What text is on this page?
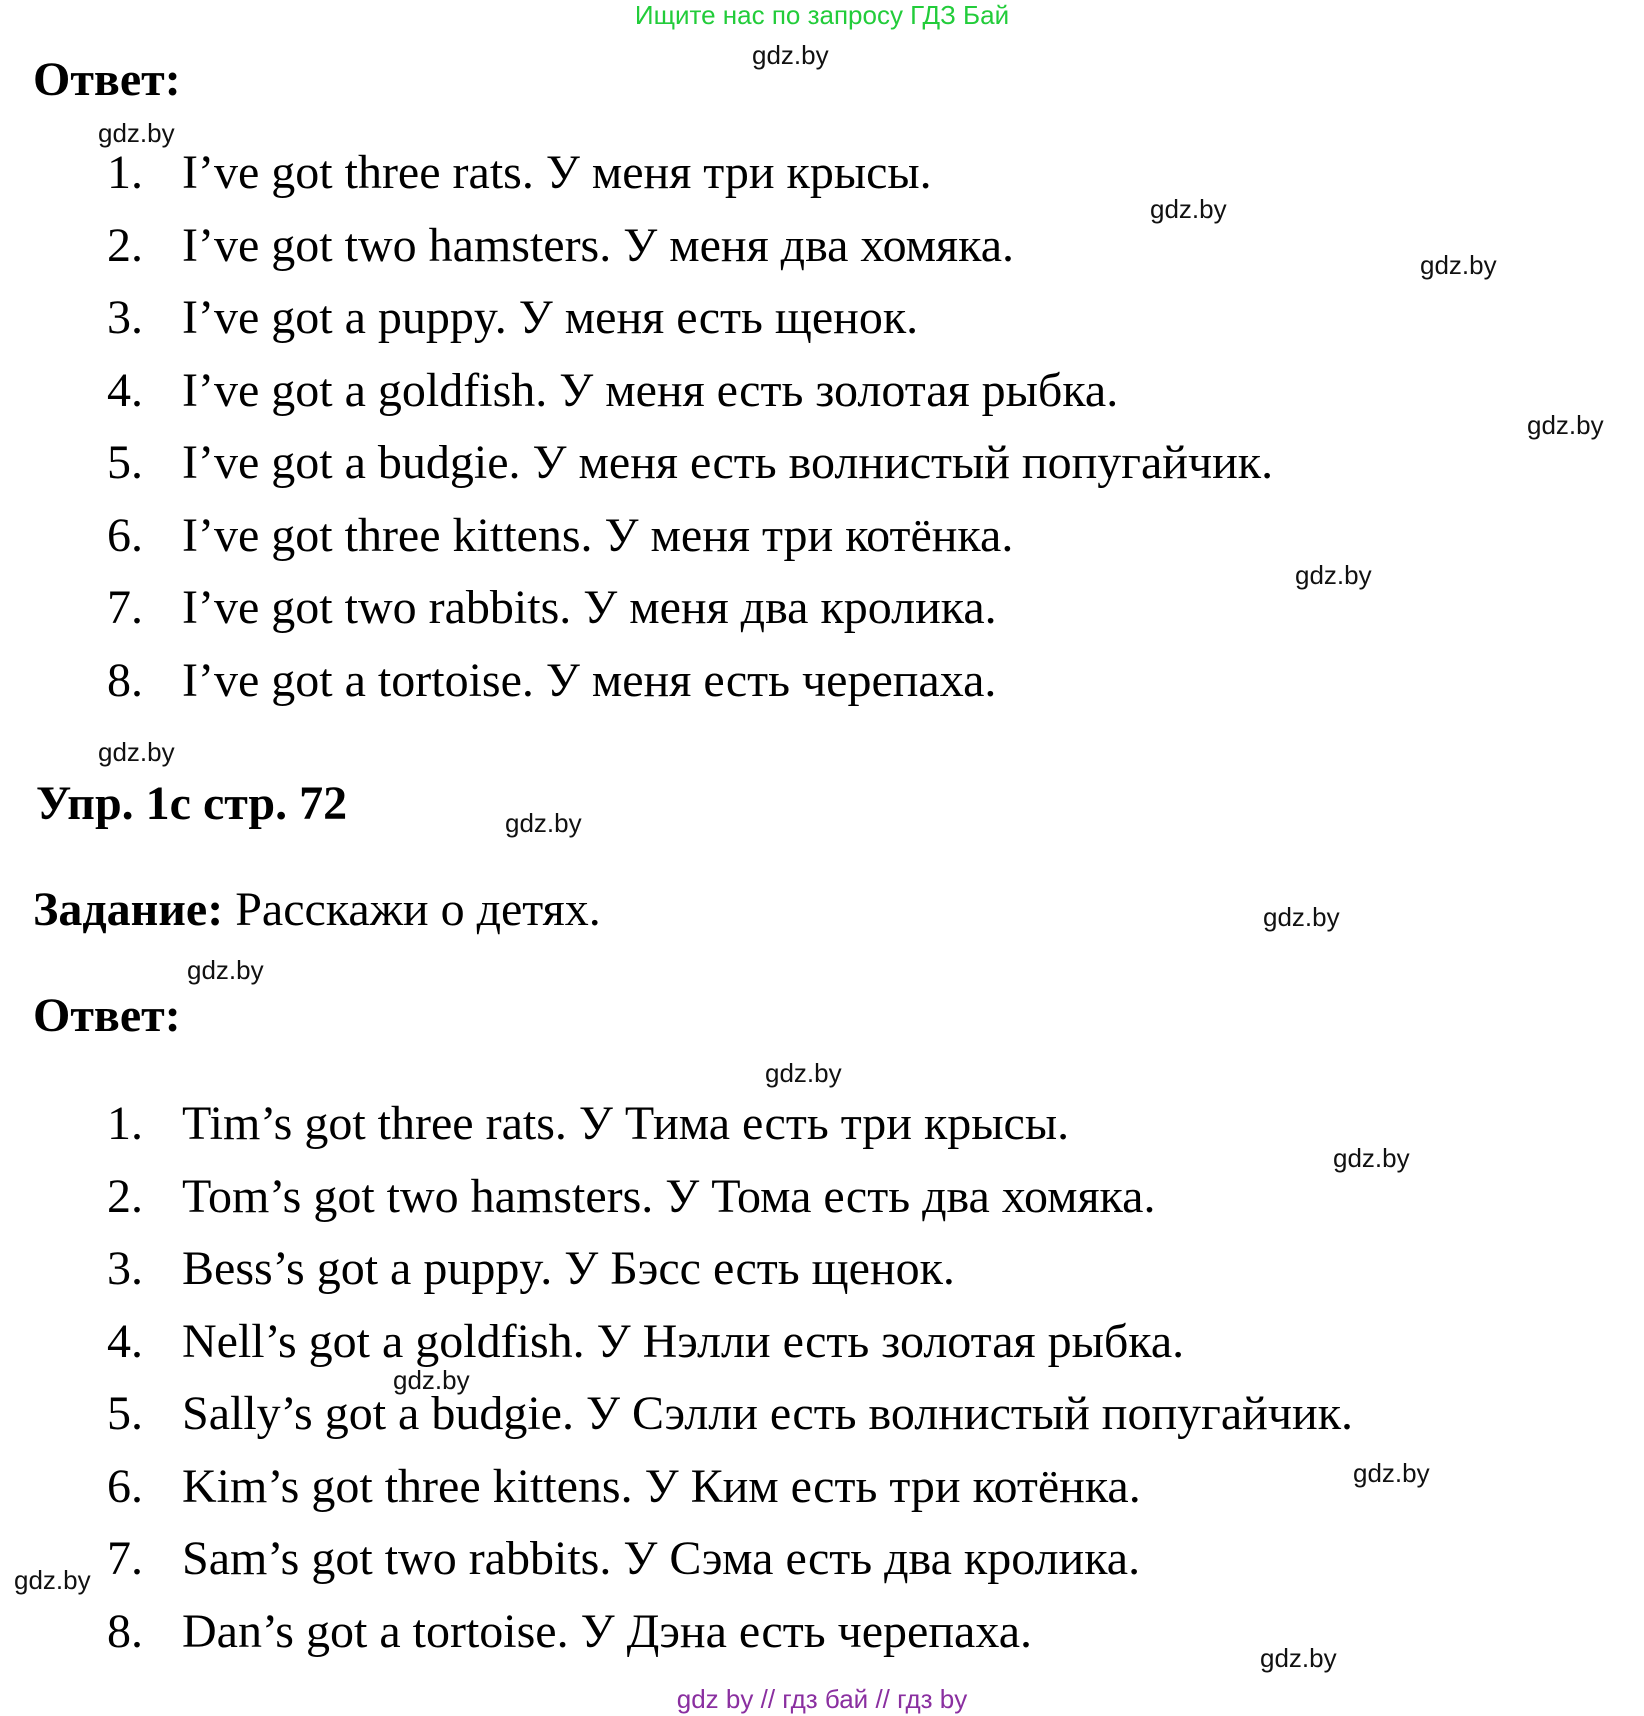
Ищите нас по запросу ГДЗ Бай
Ответ:
1. I’ve got three rats. У меня три крысы.
2. I’ve got two hamsters. У меня два хомяка.
3. I’ve got a puppy. У меня есть щенок.
4. I’ve got a goldfish. У меня есть золотая рыбка.
5. I’ve got a budgie. У меня есть волнистый попугайчик.
6. I’ve got three kittens. У меня три котёнка.
7. I’ve got two rabbits. У меня два кролика.
8. I’ve got a tortoise. У меня есть черепаха.
Упр. 1с стр. 72
Задание: Расскажи о детях.
Ответ:
1. Tim’s got three rats. У Тима есть три крысы.
2. Tom’s got two hamsters. У Тома есть два хомяка.
3. Bess’s got a puppy. У Бэсс есть щенок.
4. Nell’s got a goldfish. У Нэлли есть золотая рыбка.
5. Sally’s got a budgie. У Сэлли есть волнистый попугайчик.
6. Kim’s got three kittens. У Ким есть три котёнка.
7. Sam’s got two rabbits. У Сэма есть два кролика.
8. Dan’s got a tortoise. У Дэна есть черепаха.
gdz.by
gdz.by
gdz.by
gdz.by
gdz.by
gdz.by
gdz.by
gdz.by
gdz.by
gdz.by
gdz.by
gdz.by
gdz.by
gdz.by
gdz.by
gdz.by
gdz by // гдз бай // гдз by
